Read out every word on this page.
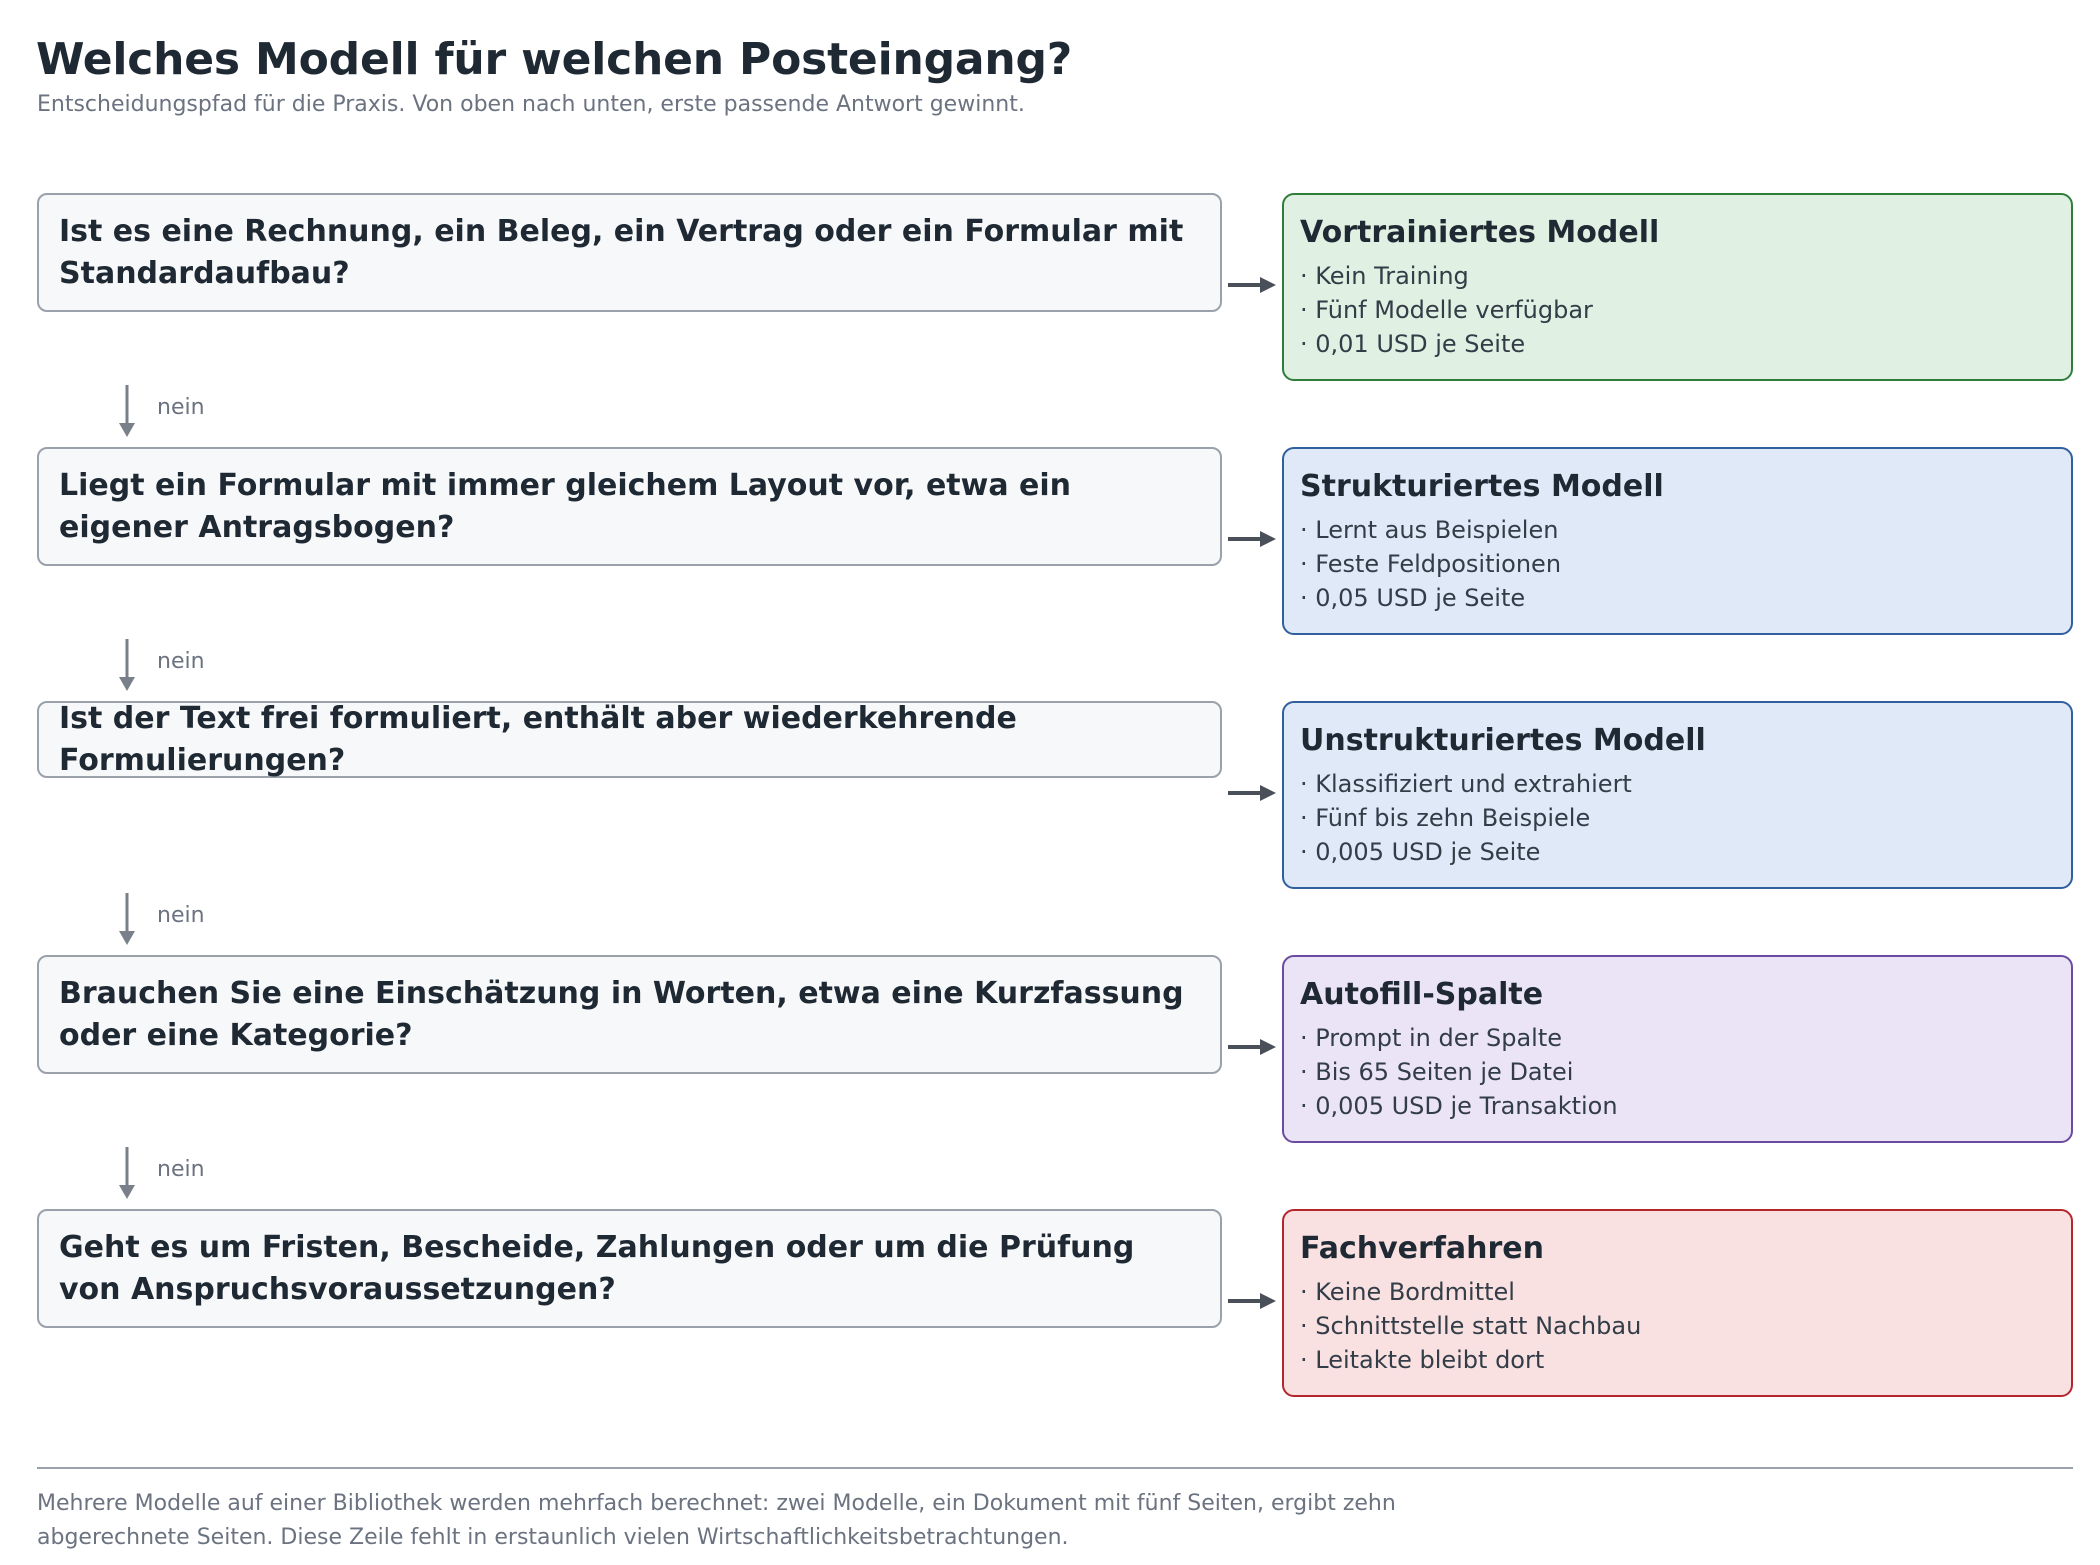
Welches Modell für welchen Posteingang?
Entscheidungspfad für die Praxis. Von oben nach unten, erste passende Antwort gewinnt.
Ist es eine Rechnung, ein Beleg, ein Vertrag oder ein Formular mit Standardaufbau?
Vortrainiertes Modell
· Kein Training
· Fünf Modelle verfügbar
· 0,01 USD je Seite
nein
Liegt ein Formular mit immer gleichem Layout vor, etwa ein eigener Antragsbogen?
Strukturiertes Modell
· Lernt aus Beispielen
· Feste Feldpositionen
· 0,05 USD je Seite
nein
Ist der Text frei formuliert, enthält aber wiederkehrende Formulierungen?
Unstrukturiertes Modell
· Klassifiziert und extrahiert
· Fünf bis zehn Beispiele
· 0,005 USD je Seite
nein
Brauchen Sie eine Einschätzung in Worten, etwa eine Kurzfassung oder eine Kategorie?
Autofill-Spalte
· Prompt in der Spalte
· Bis 65 Seiten je Datei
· 0,005 USD je Transaktion
nein
Geht es um Fristen, Bescheide, Zahlungen oder um die Prüfung von Anspruchsvoraussetzungen?
Fachverfahren
· Keine Bordmittel
· Schnittstelle statt Nachbau
· Leitakte bleibt dort
Mehrere Modelle auf einer Bibliothek werden mehrfach berechnet: zwei Modelle, ein Dokument mit fünf Seiten, ergibt zehn abgerechnete Seiten. Diese Zeile fehlt in erstaunlich vielen Wirtschaftlichkeitsbetrachtungen.
